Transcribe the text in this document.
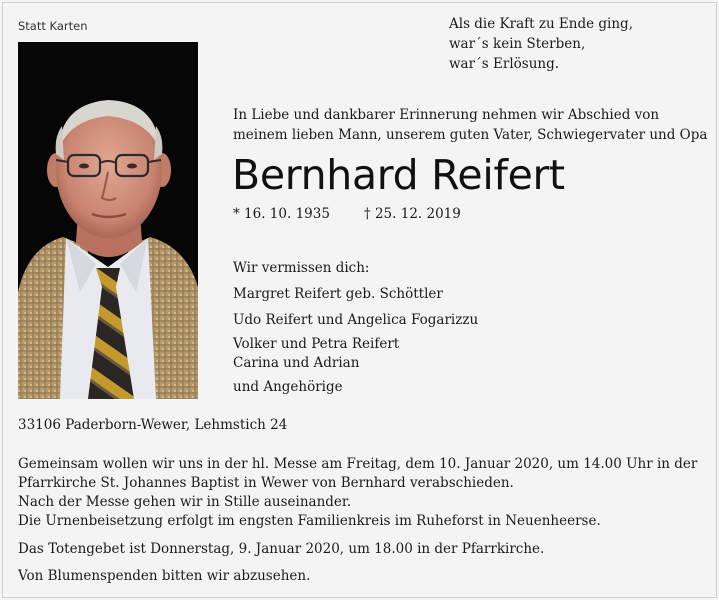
Statt Karten	Als die Kraft zu Ende ging,
war´s kein Sterben,
war´s Erlösung.
In Liebe und dankbarer Erinnerung nehmen wir Abschied von
meinem lieben Mann, unserem guten Vater, Schwiegervater und Opa
Bernhard Reifert
* 16. 10. 1935	† 25. 12. 2019
Wir vermissen dich:
Margret Reifert geb. Schöttler
Udo Reifert und Angelica Fogarizzu
Volker und Petra Reifert
Carina und Adrian
und Angehörige
33106 Paderborn-Wewer, Lehmstich 24
Gemeinsam wollen wir uns in der hl. Messe am Freitag, dem 10. Januar 2020, um 14.00 Uhr in der
Pfarrkirche St. Johannes Baptist in Wewer von Bernhard verabschieden.
Nach der Messe gehen wir in Stille auseinander.
Die Urnenbeisetzung erfolgt im engsten Familienkreis im Ruheforst in Neuenheerse.
Das Totengebet ist Donnerstag, 9. Januar 2020, um 18.00 in der Pfarrkirche.
Von Blumenspenden bitten wir abzusehen.
